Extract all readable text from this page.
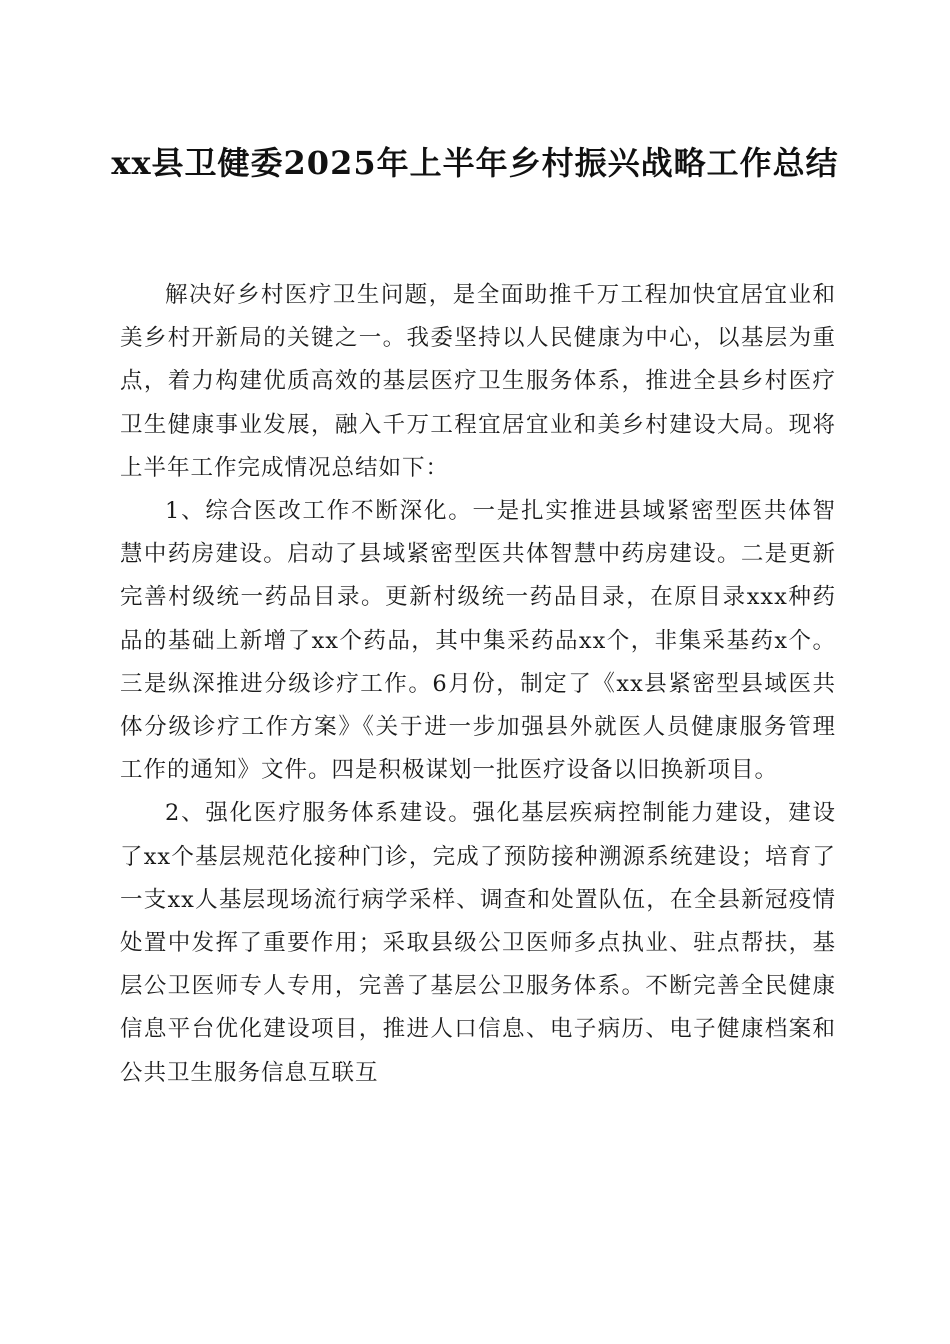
xx县卫健委2025年上半年乡村振兴战略工作总结

解决好乡村医疗卫生问题，是全面助推千万工程加快宜居宜业和美乡村开新局的关键之一。我委坚持以人民健康为中心，以基层为重点，着力构建优质高效的基层医疗卫生服务体系，推进全县乡村医疗卫生健康事业发展，融入千万工程宜居宜业和美乡村建设大局。现将上半年工作完成情况总结如下：

1、综合医改工作不断深化。一是扎实推进县域紧密型医共体智慧中药房建设。启动了县域紧密型医共体智慧中药房建设。二是更新完善村级统一药品目录。更新村级统一药品目录，在原目录xxx种药品的基础上新增了xx个药品，其中集采药品xx个，非集采基药x个。三是纵深推进分级诊疗工作。6月份，制定了《xx县紧密型县域医共体分级诊疗工作方案》《关于进一步加强县外就医人员健康服务管理工作的通知》文件。四是积极谋划一批医疗设备以旧换新项目。

2、强化医疗服务体系建设。强化基层疾病控制能力建设，建设了xx个基层规范化接种门诊，完成了预防接种溯源系统建设；培育了一支xx人基层现场流行病学采样、调查和处置队伍，在全县新冠疫情处置中发挥了重要作用；采取县级公卫医师多点执业、驻点帮扶，基层公卫医师专人专用，完善了基层公卫服务体系。不断完善全民健康信息平台优化建设项目，推进人口信息、电子病历、电子健康档案和公共卫生服务信息互联互
